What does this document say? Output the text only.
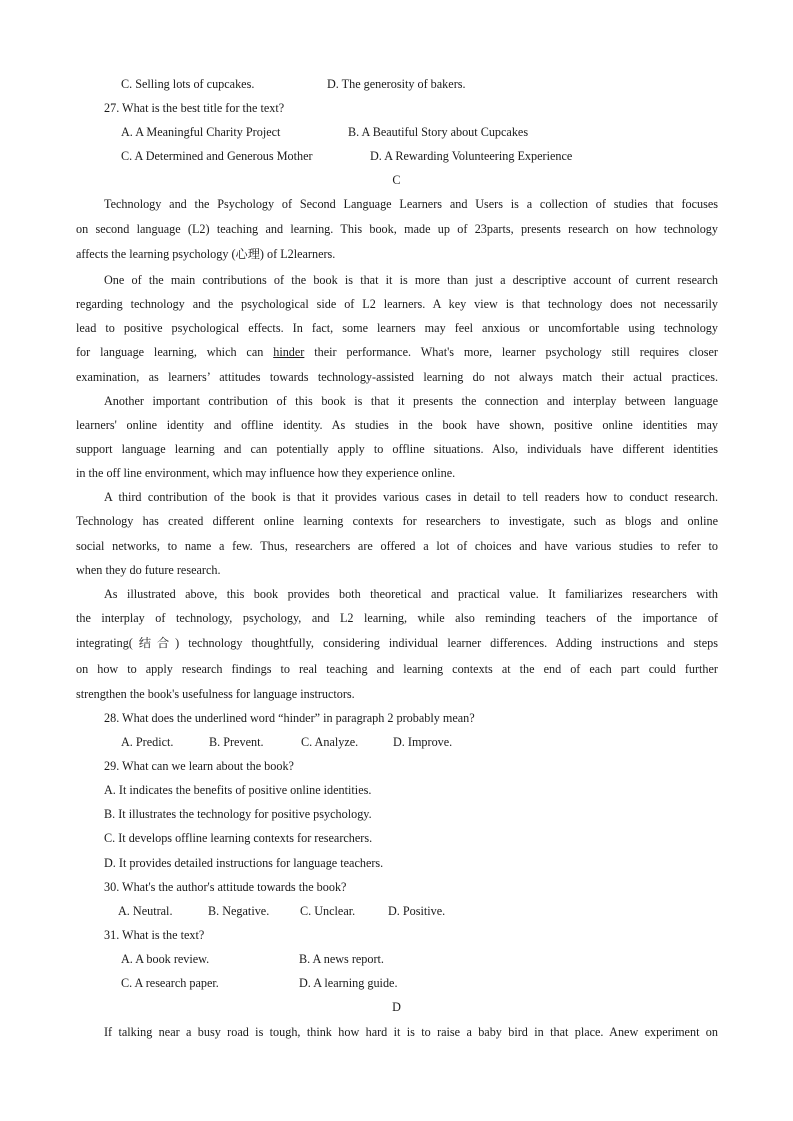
C. Selling lots of cupcakes.	D. The generosity of bakers.
27. What is the best title for the text?
A. A Meaningful Charity Project	B. A Beautiful Story about Cupcakes
C. A Determined and Generous Mother	D. A Rewarding Volunteering Experience
C
Technology and the Psychology of Second Language Learners and Users is a collection of studies that focuses
on second language (L2) teaching and learning. This book, made up of 23parts, presents research on how technology
affects the learning psychology (心理) of L2learners.
One of the main contributions of the book is that it is more than just a descriptive account of current research
regarding technology and the psychological side of L2 learners. A key view is that technology does not necessarily
lead to positive psychological effects. In fact, some learners may feel anxious or uncomfortable using technology
for language learning, which can hinder their performance. What's more, learner psychology still requires closer
examination, as learners’ attitudes towards technology-assisted learning do not always match their actual practices.
Another important contribution of this book is that it presents the connection and interplay between language
learners' online identity and offline identity. As studies in the book have shown, positive online identities may
support language learning and can potentially apply to offline situations. Also, individuals have different identities
in the off line environment, which may influence how they experience online.
A third contribution of the book is that it provides various cases in detail to tell readers how to conduct research.
Technology has created different online learning contexts for researchers to investigate, such as blogs and online
social networks, to name a few. Thus, researchers are offered a lot of choices and have various studies to refer to
when they do future research.
As illustrated above, this book provides both theoretical and practical value. It familiarizes researchers with
the interplay of technology, psychology, and L2 learning, while also reminding teachers of the importance of
integrating(结合) technology thoughtfully, considering individual learner differences. Adding instructions and steps
on how to apply research findings to real teaching and learning contexts at the end of each part could further
strengthen the book's usefulness for language instructors.
28. What does the underlined word “hinder” in paragraph 2 probably mean?
A. Predict.	B. Prevent.	C. Analyze.	D. Improve.
29. What can we learn about the book?
A. It indicates the benefits of positive online identities.
B. It illustrates the technology for positive psychology.
C. It develops offline learning contexts for researchers.
D. It provides detailed instructions for language teachers.
30. What's the author's attitude towards the book?
A. Neutral.	B. Negative.	C. Unclear.	D. Positive.
31. What is the text?
A. A book review.	B. A news report.
C. A research paper.	D. A learning guide.
D
If talking near a busy road is tough, think how hard it is to raise a baby bird in that place. Anew experiment on
